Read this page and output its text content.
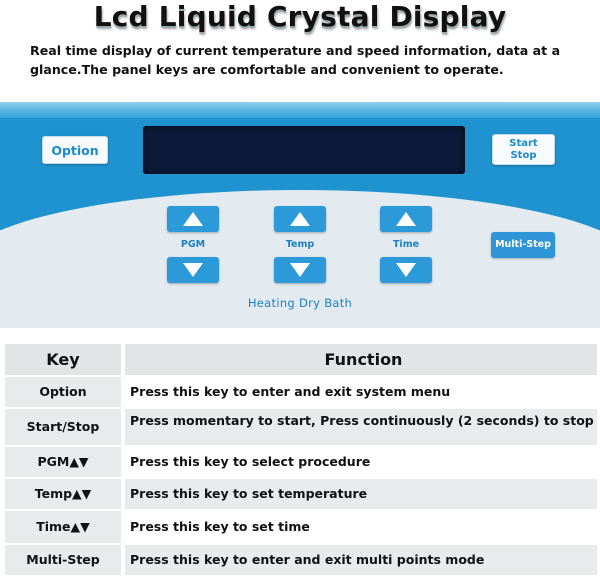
Lcd Liquid Crystal Display
Real time display of current temperature and speed information, data at a glance.The panel keys are comfortable and convenient to operate.
Option	Start
Stop
Multi-Step
PGM	Temp	Time
Heating Dry Bath
Key	Function
Option	Press this key to enter and exit system menu
Start/Stop	Press momentary to start, Press continuously (2 seconds) to stop
PGM▲▼	Press this key to select procedure
Temp▲▼	Press this key to set temperature
Time▲▼	Press this key to set time
Multi-Step	Press this key to enter and exit multi points mode
